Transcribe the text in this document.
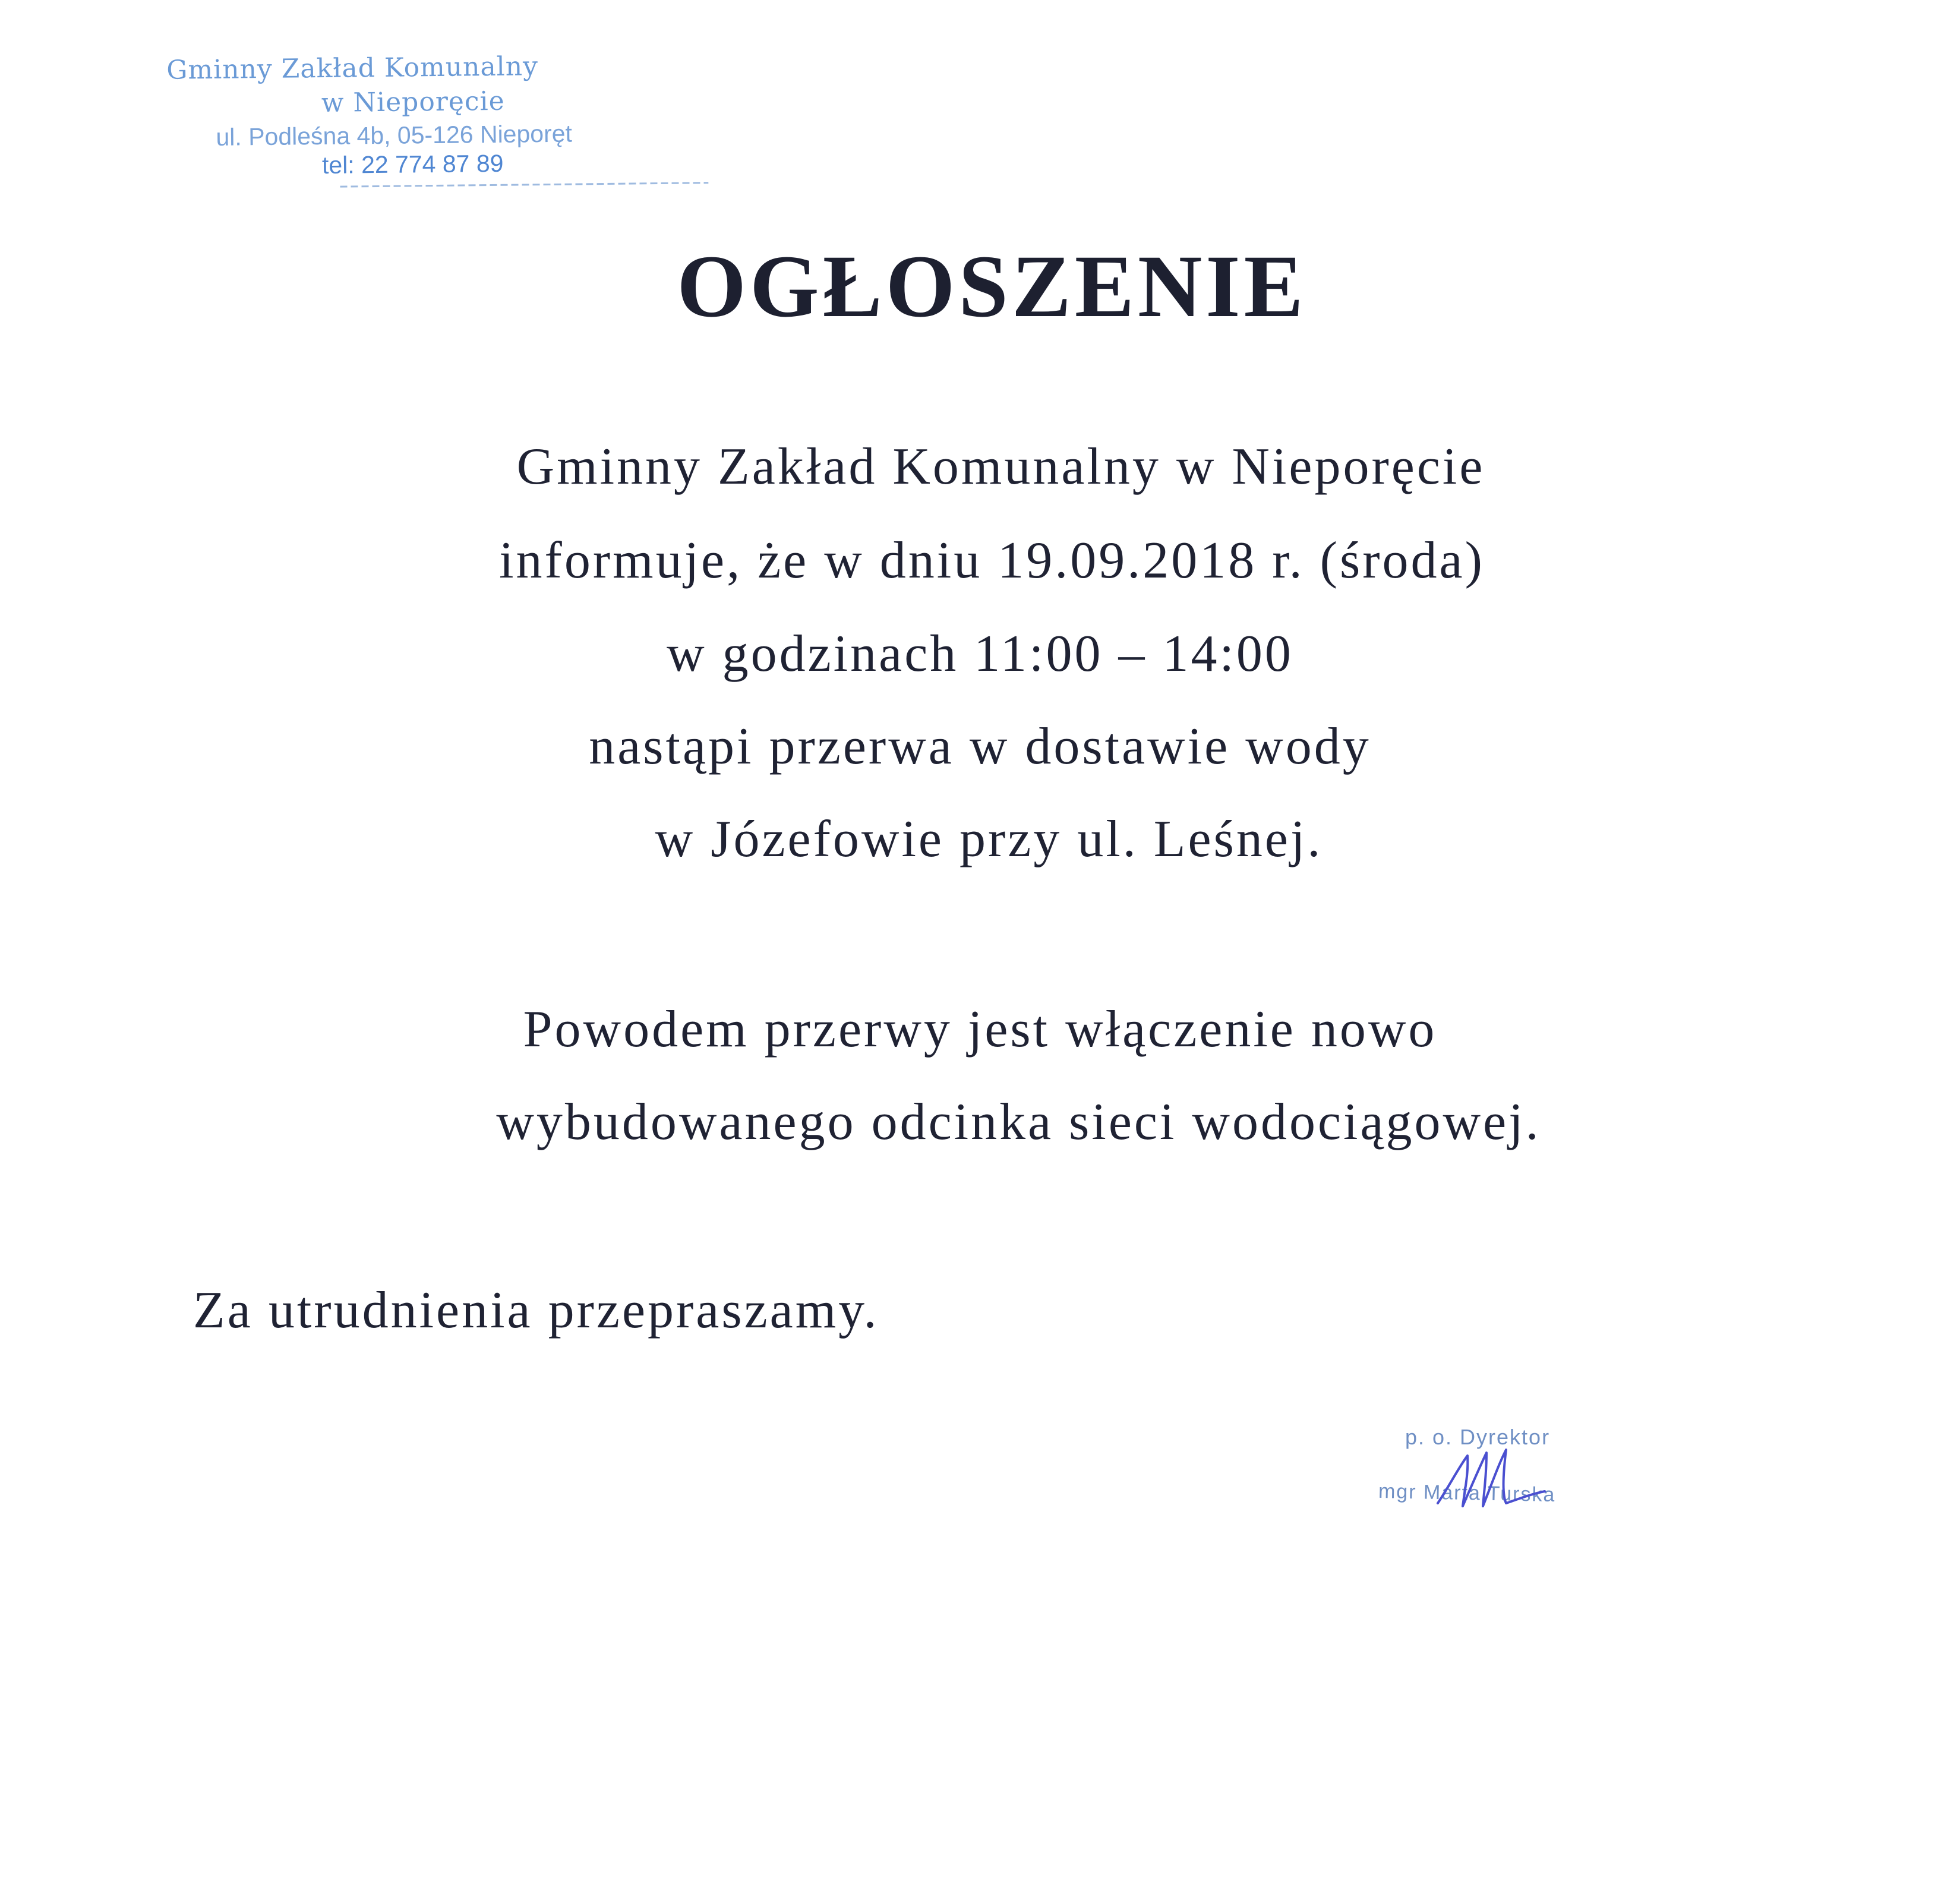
Gminny Zakład Komunalny
w Nieporęcie
ul. Podleśna 4b, 05-126 Nieporęt
tel: 22 774 87 89
OGŁOSZENIE
Gminny Zakład Komunalny w Nieporęcie
informuje, że w dniu 19.09.2018 r. (środa)
w godzinach 11:00 – 14:00
nastąpi przerwa w dostawie wody
w Józefowie przy ul. Leśnej.
Powodem przerwy jest włączenie nowo
wybudowanego odcinka sieci wodociągowej.
Za utrudnienia przepraszamy.
p. o. Dyrektor
mgr Marta Turska
